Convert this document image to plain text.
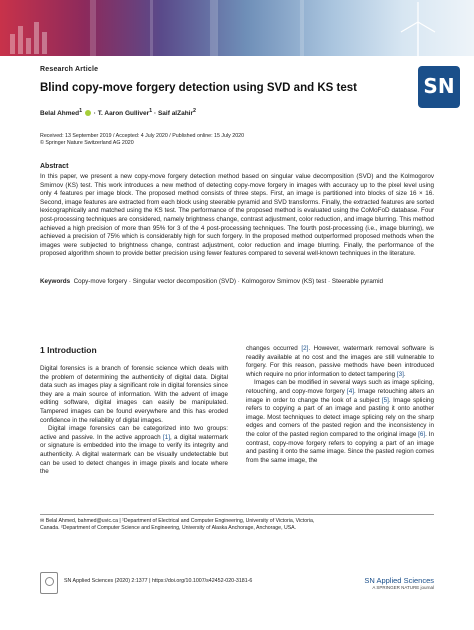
Research Article
Blind copy-move forgery detection using SVD and KS test
Belal Ahmed$^1$  · T. Aaron Gulliver$^1$ · Saif alZahir$^2$
SN
Received: 13 September 2019 / Accepted: 4 July 2020 / Published online: 15 July 2020
© Springer Nature Switzerland AG 2020
Abstract
In this paper, we present a new copy-move forgery detection method based on singular value decomposition (SVD) and the Kolmogorov Smirnov (KS) test. This work introduces a new method of detecting copy-move forgery in images with accuracy up to the pixel level using only 4 features per image block. The proposed method consists of three steps. First, an image is partitioned into blocks of size 16 × 16. Second, image features are extracted from each block using steerable pyramid and SVD transforms. Finally, the extracted features are sorted lexicographically and matched using the KS test. The performance of the proposed method is evaluated using the CoMoFoD database. Four post-processing techniques are considered, namely brightness change, contrast adjustment, color reduction, and image blurring. This method achieved a high precision of more than 95% for 3 of the 4 post-processing techniques. The fourth post-processing (i.e., image blurring), we achieved a precision of 75% which is considerably high for such forgery. In the proposed method outperformed proposed methods when the images were subjected to brightness change, contrast adjustment, color reduction and image blurring. Finally, the performance of the proposed algorithm shown to provide better precision using fewer features compared to several well-known techniques in the literature.
Keywords Copy-move forgery · Singular vector decomposition (SVD) · Kolmogorov Smirnov (KS) test · Steerable pyramid
1 Introduction

Digital forensics is a branch of forensic science which deals with the problem of determining the authenticity of digital data. Digital data such as images play a significant role in digital forensics since they are a main source of information. With the advent of image editing software, digital images can easily be manipulated. Tampered images can be found everywhere and this has eroded confidence in the reliability of digital images.

Digital image forensics can be categorized into two groups: active and passive. In the active approach [1], a digital watermark or signature is embedded into the image to verify its integrity and authenticity. A digital watermark can be visually undetectable but can be used to detect changes in image pixels and locate where the

changes occurred [2]. However, watermark removal software is readily available at no cost and the images are still vulnerable to forgery. For this reason, passive methods have been introduced which require no prior information to detect tampering [3].

Images can be modified in several ways such as image splicing, retouching, and copy-move forgery [4]. Image retouching alters an image in order to change the look of a subject [5]. Image splicing refers to copying a part of an image and pasting it onto another image. Most techniques to detect image splicing rely on the sharp edges and corners of the pasted region and the inconsistency in the color of the pasted region compared to the original image [6]. In contrast, copy-move forgery refers to copying a part of an image and pasting it onto the same image. Since the pasted region comes from the same image, the

✉ Belal Ahmed, bahmed@uvic.ca | ¹Department of Electrical and Computer Engineering, University of Victoria, Victoria,
Canada. ²Department of Computer Science and Engineering, University of Alaska Anchorage, Anchorage, USA.
SN Applied Sciences (2020) 2:1377 | https://doi.org/10.1007/s42452-020-3181-6	SN Applied Sciences
A SPRINGER NATURE journal
